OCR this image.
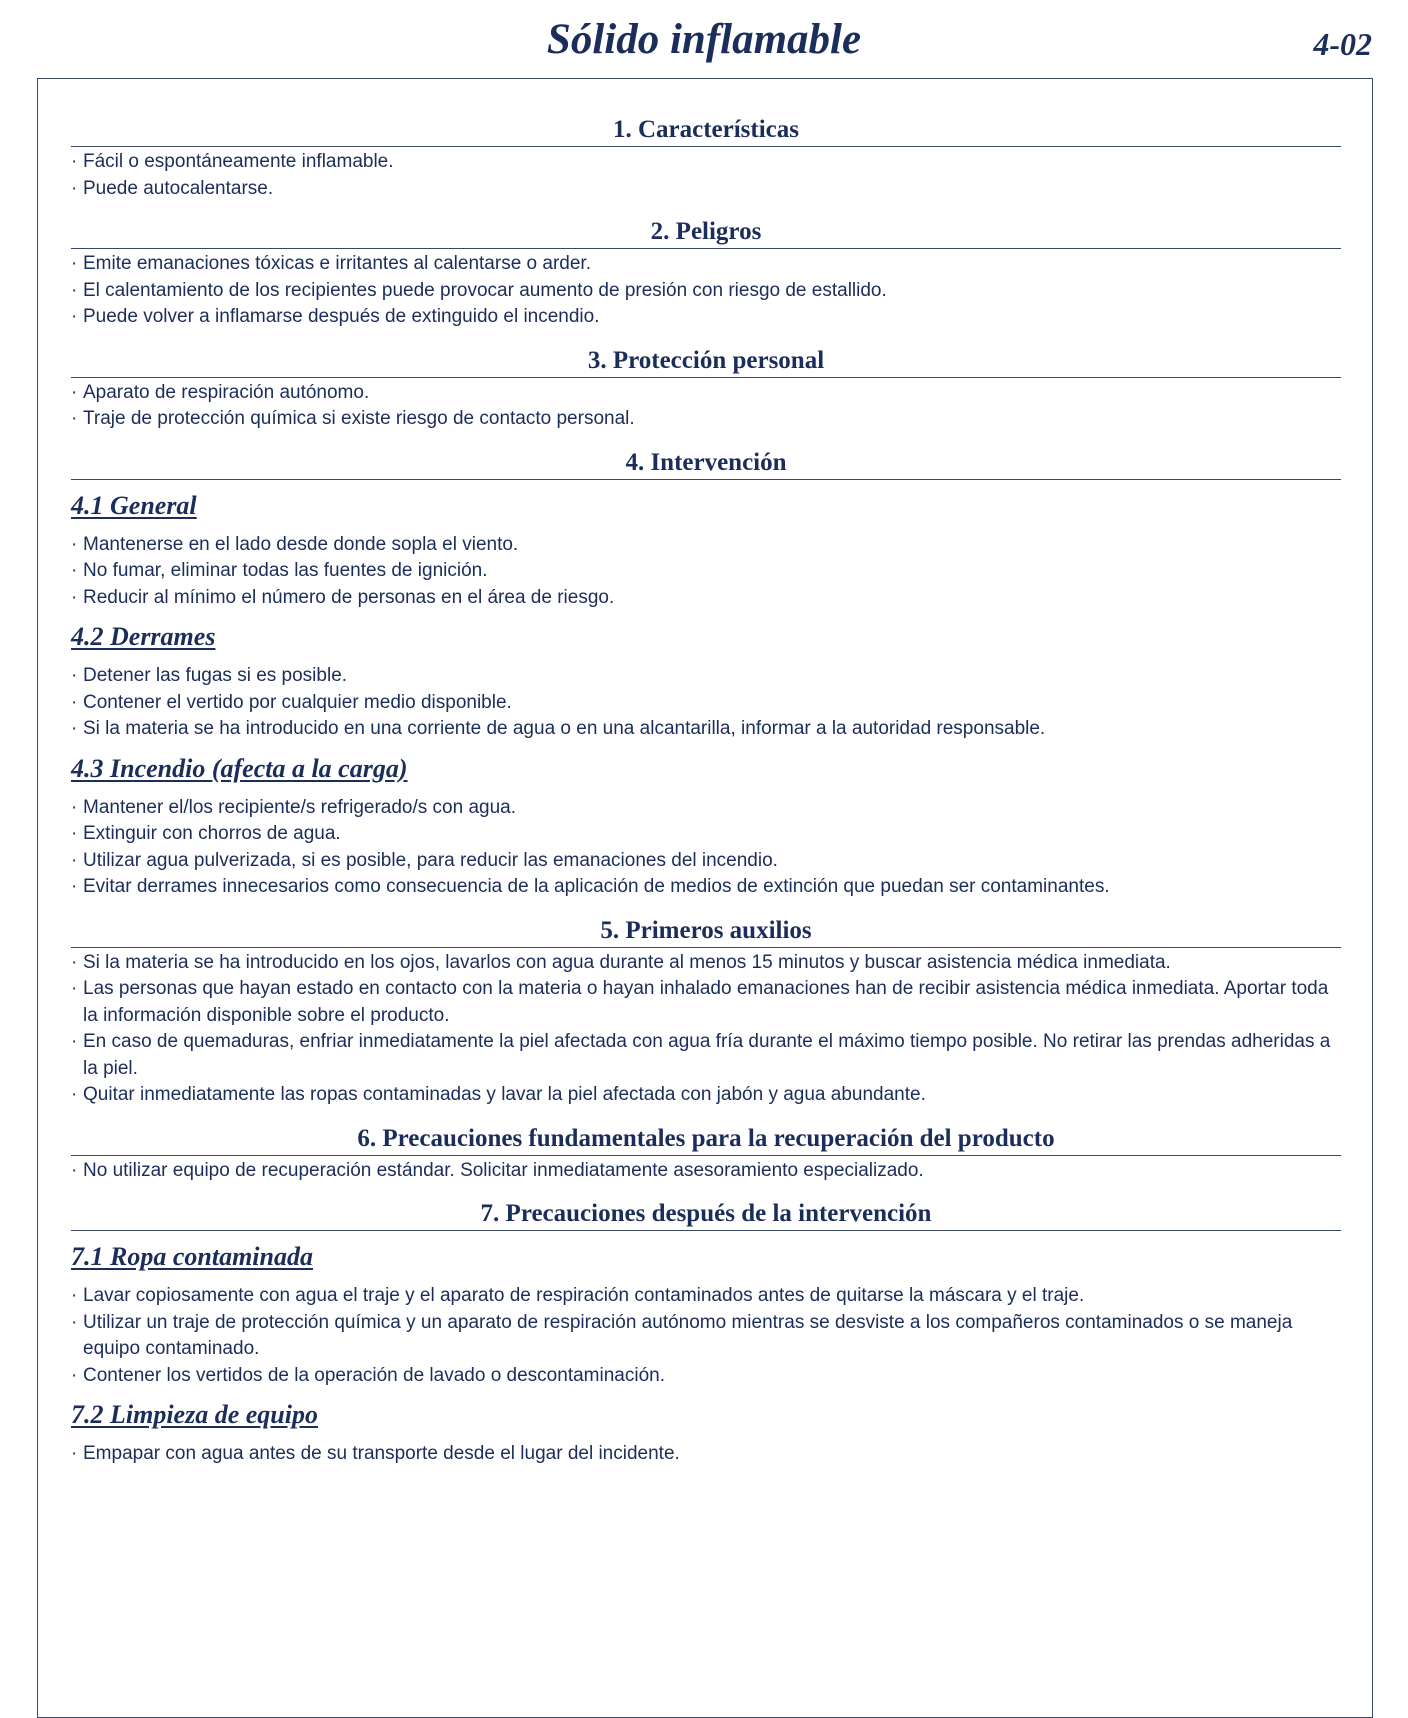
Sólido inflamable	4-02
1. Características
· Fácil o espontáneamente inflamable.
· Puede autocalentarse.
2. Peligros
· Emite emanaciones tóxicas e irritantes al calentarse o arder.
· El calentamiento de los recipientes puede provocar aumento de presión con riesgo de estallido.
· Puede volver a inflamarse después de extinguido el incendio.
3. Protección personal
· Aparato de respiración autónomo.
· Traje de protección química si existe riesgo de contacto personal.
4. Intervención
4.1 General
· Mantenerse en el lado desde donde sopla el viento.
· No fumar, eliminar todas las fuentes de ignición.
· Reducir al mínimo el número de personas en el área de riesgo.
4.2 Derrames
· Detener las fugas si es posible.
· Contener el vertido por cualquier medio disponible.
· Si la materia se ha introducido en una corriente de agua o en una alcantarilla, informar a la autoridad responsable.
4.3 Incendio (afecta a la carga)
· Mantener el/los recipiente/s refrigerado/s con agua.
· Extinguir con chorros de agua.
· Utilizar agua pulverizada, si es posible, para reducir las emanaciones del incendio.
· Evitar derrames innecesarios como consecuencia de la aplicación de medios de extinción que puedan ser contaminantes.
5. Primeros auxilios
· Si la materia se ha introducido en los ojos, lavarlos con agua durante al menos 15 minutos y buscar asistencia médica inmediata.
· Las personas que hayan estado en contacto con la materia o hayan inhalado emanaciones han de recibir asistencia médica inmediata. Aportar toda la información disponible sobre el producto.
· En caso de quemaduras, enfriar inmediatamente la piel afectada con agua fría durante el máximo tiempo posible. No retirar las prendas adheridas a la piel.
· Quitar inmediatamente las ropas contaminadas y lavar la piel afectada con jabón y agua abundante.
6. Precauciones fundamentales para la recuperación del producto
· No utilizar equipo de recuperación estándar. Solicitar inmediatamente asesoramiento especializado.
7. Precauciones después de la intervención
7.1 Ropa contaminada
· Lavar copiosamente con agua el traje y el aparato de respiración contaminados antes de quitarse la máscara y el traje.
· Utilizar un traje de protección química y un aparato de respiración autónomo mientras se desviste a los compañeros contaminados o se maneja equipo contaminado.
· Contener los vertidos de la operación de lavado o descontaminación.
7.2 Limpieza de equipo
· Empapar con agua antes de su transporte desde el lugar del incidente.
